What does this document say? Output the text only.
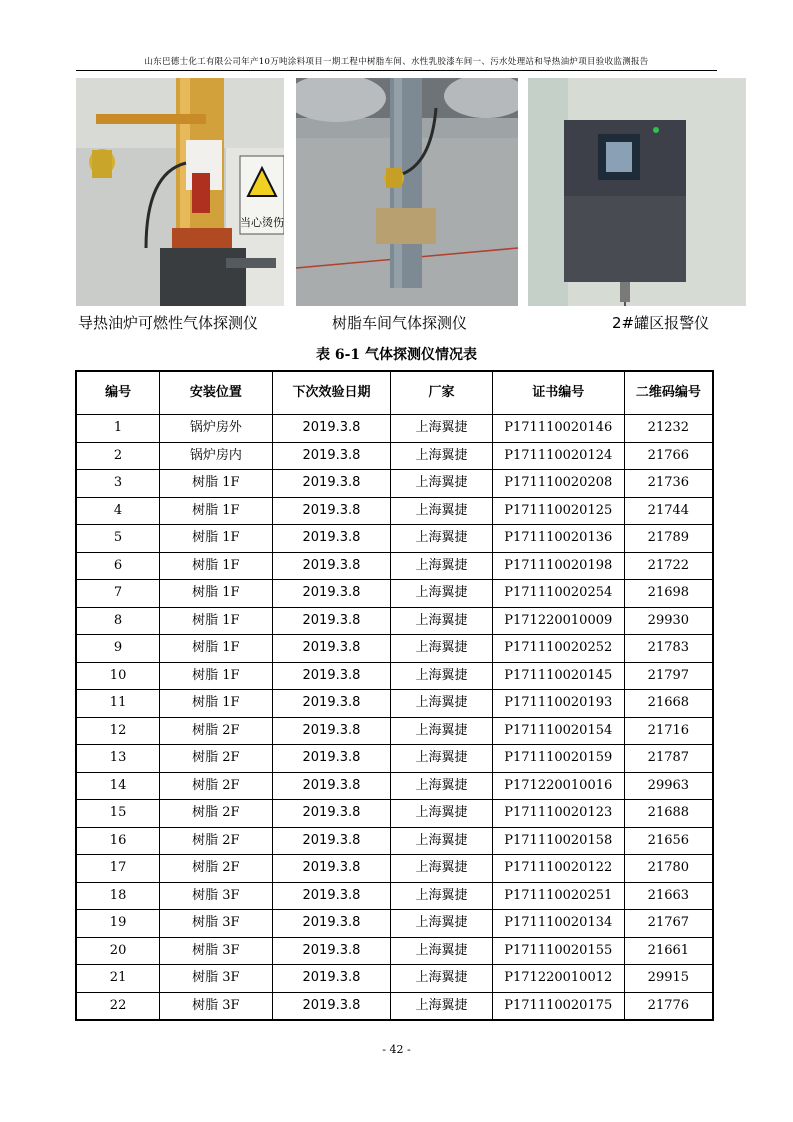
山东巴德士化工有限公司年产10万吨涂料项目一期工程中树脂车间、水性乳胶漆车间一、污水处理站和导热油炉项目验收监测报告
当心烫伤
导热油炉可燃性气体探测仪	树脂车间气体探测仪	2#罐区报警仪
表 6-1 气体探测仪情况表
编号	安装位置	下次效验日期	厂家	证书编号	二维码编号
1	锅炉房外	2019.3.8	上海翼捷	P171110020146	21232
2	锅炉房内	2019.3.8	上海翼捷	P171110020124	21766
3	树脂 1F	2019.3.8	上海翼捷	P171110020208	21736
4	树脂 1F	2019.3.8	上海翼捷	P171110020125	21744
5	树脂 1F	2019.3.8	上海翼捷	P171110020136	21789
6	树脂 1F	2019.3.8	上海翼捷	P171110020198	21722
7	树脂 1F	2019.3.8	上海翼捷	P171110020254	21698
8	树脂 1F	2019.3.8	上海翼捷	P171220010009	29930
9	树脂 1F	2019.3.8	上海翼捷	P171110020252	21783
10	树脂 1F	2019.3.8	上海翼捷	P171110020145	21797
11	树脂 1F	2019.3.8	上海翼捷	P171110020193	21668
12	树脂 2F	2019.3.8	上海翼捷	P171110020154	21716
13	树脂 2F	2019.3.8	上海翼捷	P171110020159	21787
14	树脂 2F	2019.3.8	上海翼捷	P171220010016	29963
15	树脂 2F	2019.3.8	上海翼捷	P171110020123	21688
16	树脂 2F	2019.3.8	上海翼捷	P171110020158	21656
17	树脂 2F	2019.3.8	上海翼捷	P171110020122	21780
18	树脂 3F	2019.3.8	上海翼捷	P171110020251	21663
19	树脂 3F	2019.3.8	上海翼捷	P171110020134	21767
20	树脂 3F	2019.3.8	上海翼捷	P171110020155	21661
21	树脂 3F	2019.3.8	上海翼捷	P171220010012	29915
22	树脂 3F	2019.3.8	上海翼捷	P171110020175	21776
- 42 -
